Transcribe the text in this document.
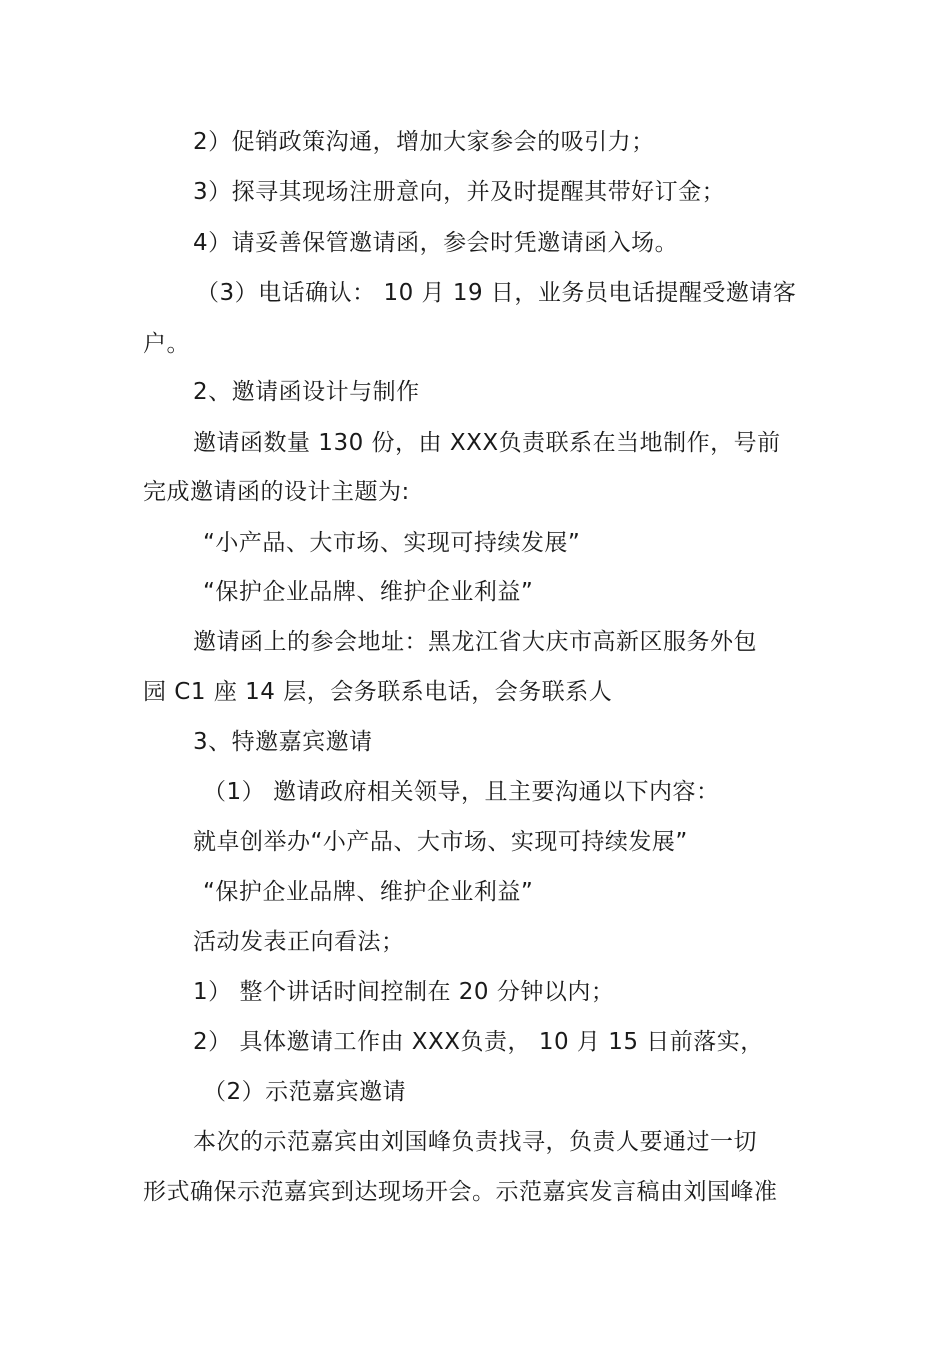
2）促销政策沟通，增加大家参会的吸引力；
3）探寻其现场注册意向，并及时提醒其带好订金；
4）请妥善保管邀请函，参会时凭邀请函入场。
（3）电话确认： 10 月 19 日，业务员电话提醒受邀请客
户。
2、邀请函设计与制作
邀请函数量 130 份，由 XXX负责联系在当地制作，号前
完成邀请函的设计主题为:
“小产品、大市场、实现可持续发展”
“保护企业品牌、维护企业利益”
邀请函上的参会地址：黑龙江省大庆市高新区服务外包
园 C1 座 14 层，会务联系电话，会务联系人
3、特邀嘉宾邀请
（1） 邀请政府相关领导，且主要沟通以下内容：
就卓创举办“小产品、大市场、实现可持续发展”
“保护企业品牌、维护企业利益”
活动发表正向看法；
1） 整个讲话时间控制在 20 分钟以内；
2） 具体邀请工作由 XXX负责， 10 月 15 日前落实，
（2）示范嘉宾邀请
本次的示范嘉宾由刘国峰负责找寻，负责人要通过一切
形式确保示范嘉宾到达现场开会。示范嘉宾发言稿由刘国峰准
